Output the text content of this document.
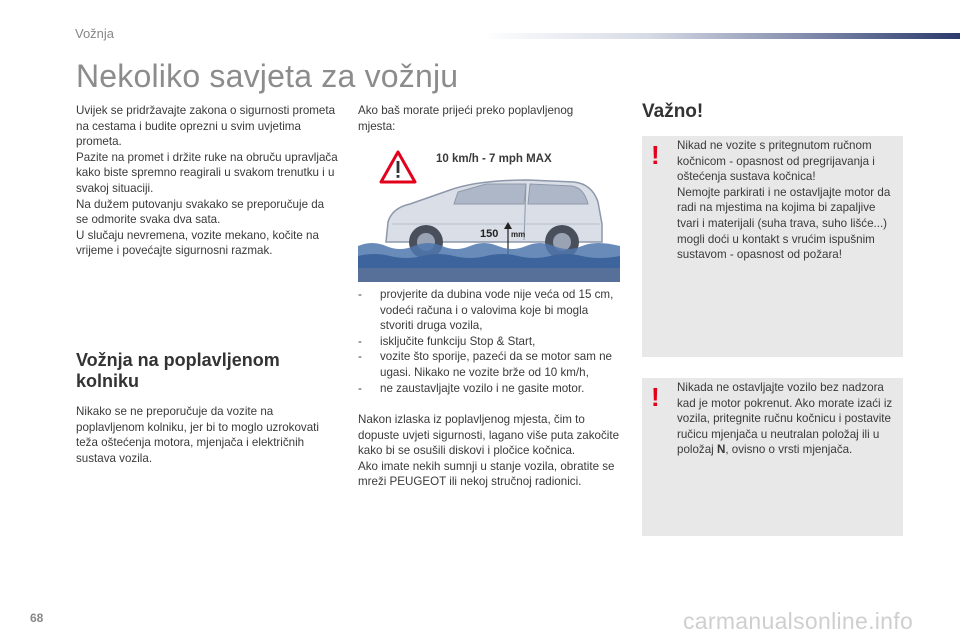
Vožnja
Nekoliko savjeta za vožnju

Uvijek se pridržavajte zakona o sigurnosti prometa na cestama i budite oprezni u svim uvjetima prometa.

Pazite na promet i držite ruke na obruču upravljača kako biste spremno reagirali u svakom trenutku i u svakoj situaciji.

Na dužem putovanju svakako se preporučuje da se odmorite svaka dva sata.

U slučaju nevremena, vozite mekano, kočite na vrijeme i povećajte sigurnosni razmak.

Vožnja na poplavljenom kolniku

Nikako se ne preporučuje da vozite na poplavljenom kolniku, jer bi to moglo uzrokovati teža oštećenja motora, mjenjača i električnih sustava vozila.

Ako baš morate prijeći preko poplavljenog mjesta:

10 km/h - 7 mph MAX
150 mm
- provjerite da dubina vode nije veća od 15 cm, vodeći računa i o valovima koje bi mogla stvoriti druga vozila,
- isključite funkciju Stop & Start,
- vozite što sporije, pazeći da se motor sam ne ugasi. Nikako ne vozite brže od 10 km/h,
- ne zaustavljajte vozilo i ne gasite motor.

Nakon izlaska iz poplavljenog mjesta, čim to dopuste uvjeti sigurnosti, lagano više puta zakočite kako bi se osušili diskovi i pločice kočnica.

Ako imate nekih sumnji u stanje vozila, obratite se mreži PEUGEOT ili nekoj stručnoj radionici.

Važno!
! Nikad ne vozite s pritegnutom ručnom kočnicom - opasnost od pregrijavanja i oštećenja sustava kočnica!

Nemojte parkirati i ne ostavljajte motor da radi na mjestima na kojima bi zapaljive tvari i materijali (suha trava, suho lišće...) mogli doći u kontakt s vrućim ispušnim sustavom - opasnost od požara!

! Nikada ne ostavljajte vozilo bez nadzora kad je motor pokrenut. Ako morate izaći iz vozila, pritegnite ručnu kočnicu i postavite ručicu mjenjača u neutralan položaj ili u položaj N, ovisno o vrsti mjenjača.

68	carmanualsonline.info
